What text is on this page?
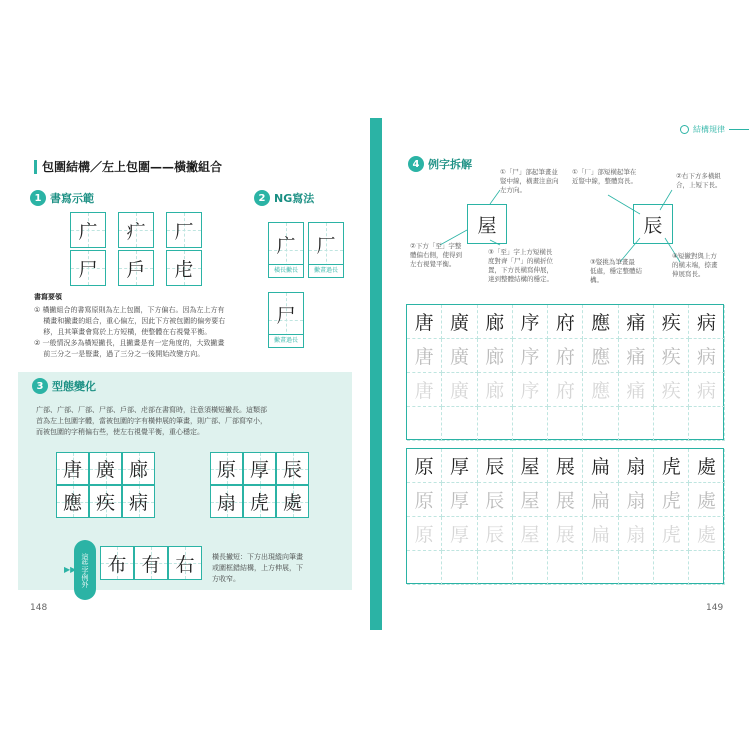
包圍結構／左上包圍——橫撇組合
1 書寫示範	2 NG寫法
書寫要領
① 橫撇組合的書寫原則為左上包圍，下方偏右。因為左上方有
　 橫畫和撇畫的組合，重心偏左，因此下方被包圍的偏旁要右
　 移，且其筆畫會寫於上方短橫，使整體在右視覺平衡。
② 一般情況多為橫短撇長，且撇畫是有一定角度的，大致撇畫
　 前三分之一是豎畫，過了三分之一後開始改變方向。
3 型態變化
广部、广部、厂部、尸部、戶部、虍部在書寫時，注意須橫短撇長。這類部
首為左上包圍字體，當被包圍的字有橫伸展的筆畫，則广部、厂部寫窄小，
而被包圍的字稍偏右些，使左右視覺平衡，重心穩定。
這些字例外
▶▶
橫長撇短：下方出現縱向筆畫
或圍框錯結構，上方伸展，下
方收窄。
148
結構規律
4 例字拆解
屋	辰
①「尸」部起筆畫並
豎中線，橫畫注意向
左方向。
②下方「至」字整
體偏右側，使得到
左右視覺平衡。
③「至」字上方短橫長
度對齊「尸」的橫折位
置，下方長橫寫伸展，
達到整體結構的穩定。
①「厂」部短橫起筆在
近豎中線，整體寫長。
②右下方多橫組
合，上短下長。
③豎挑為筆畫最
低處，穩定整體結
構。
④短撇對與上方
的橫末端，捺畫
伸展寫長。
唐 廣 廊 序 府 應 痛 疾 病
唐 廣 廊 序 府 應 痛 疾 病
唐 廣 廊 序 府 應 痛 疾 病
原 厚 辰 屋 展 扁 扇 虎 處
原 厚 辰 屋 展 扁 扇 虎 處
原 厚 辰 屋 展 扁 扇 虎 處
149
广	疒	厂
尸	戶	虍
广
橫長撇長
厂
撇畫過長
尸
撇畫過長
唐 廣 廊
應 疾 病
原 厚 辰
扇 虎 處
布 有 右
